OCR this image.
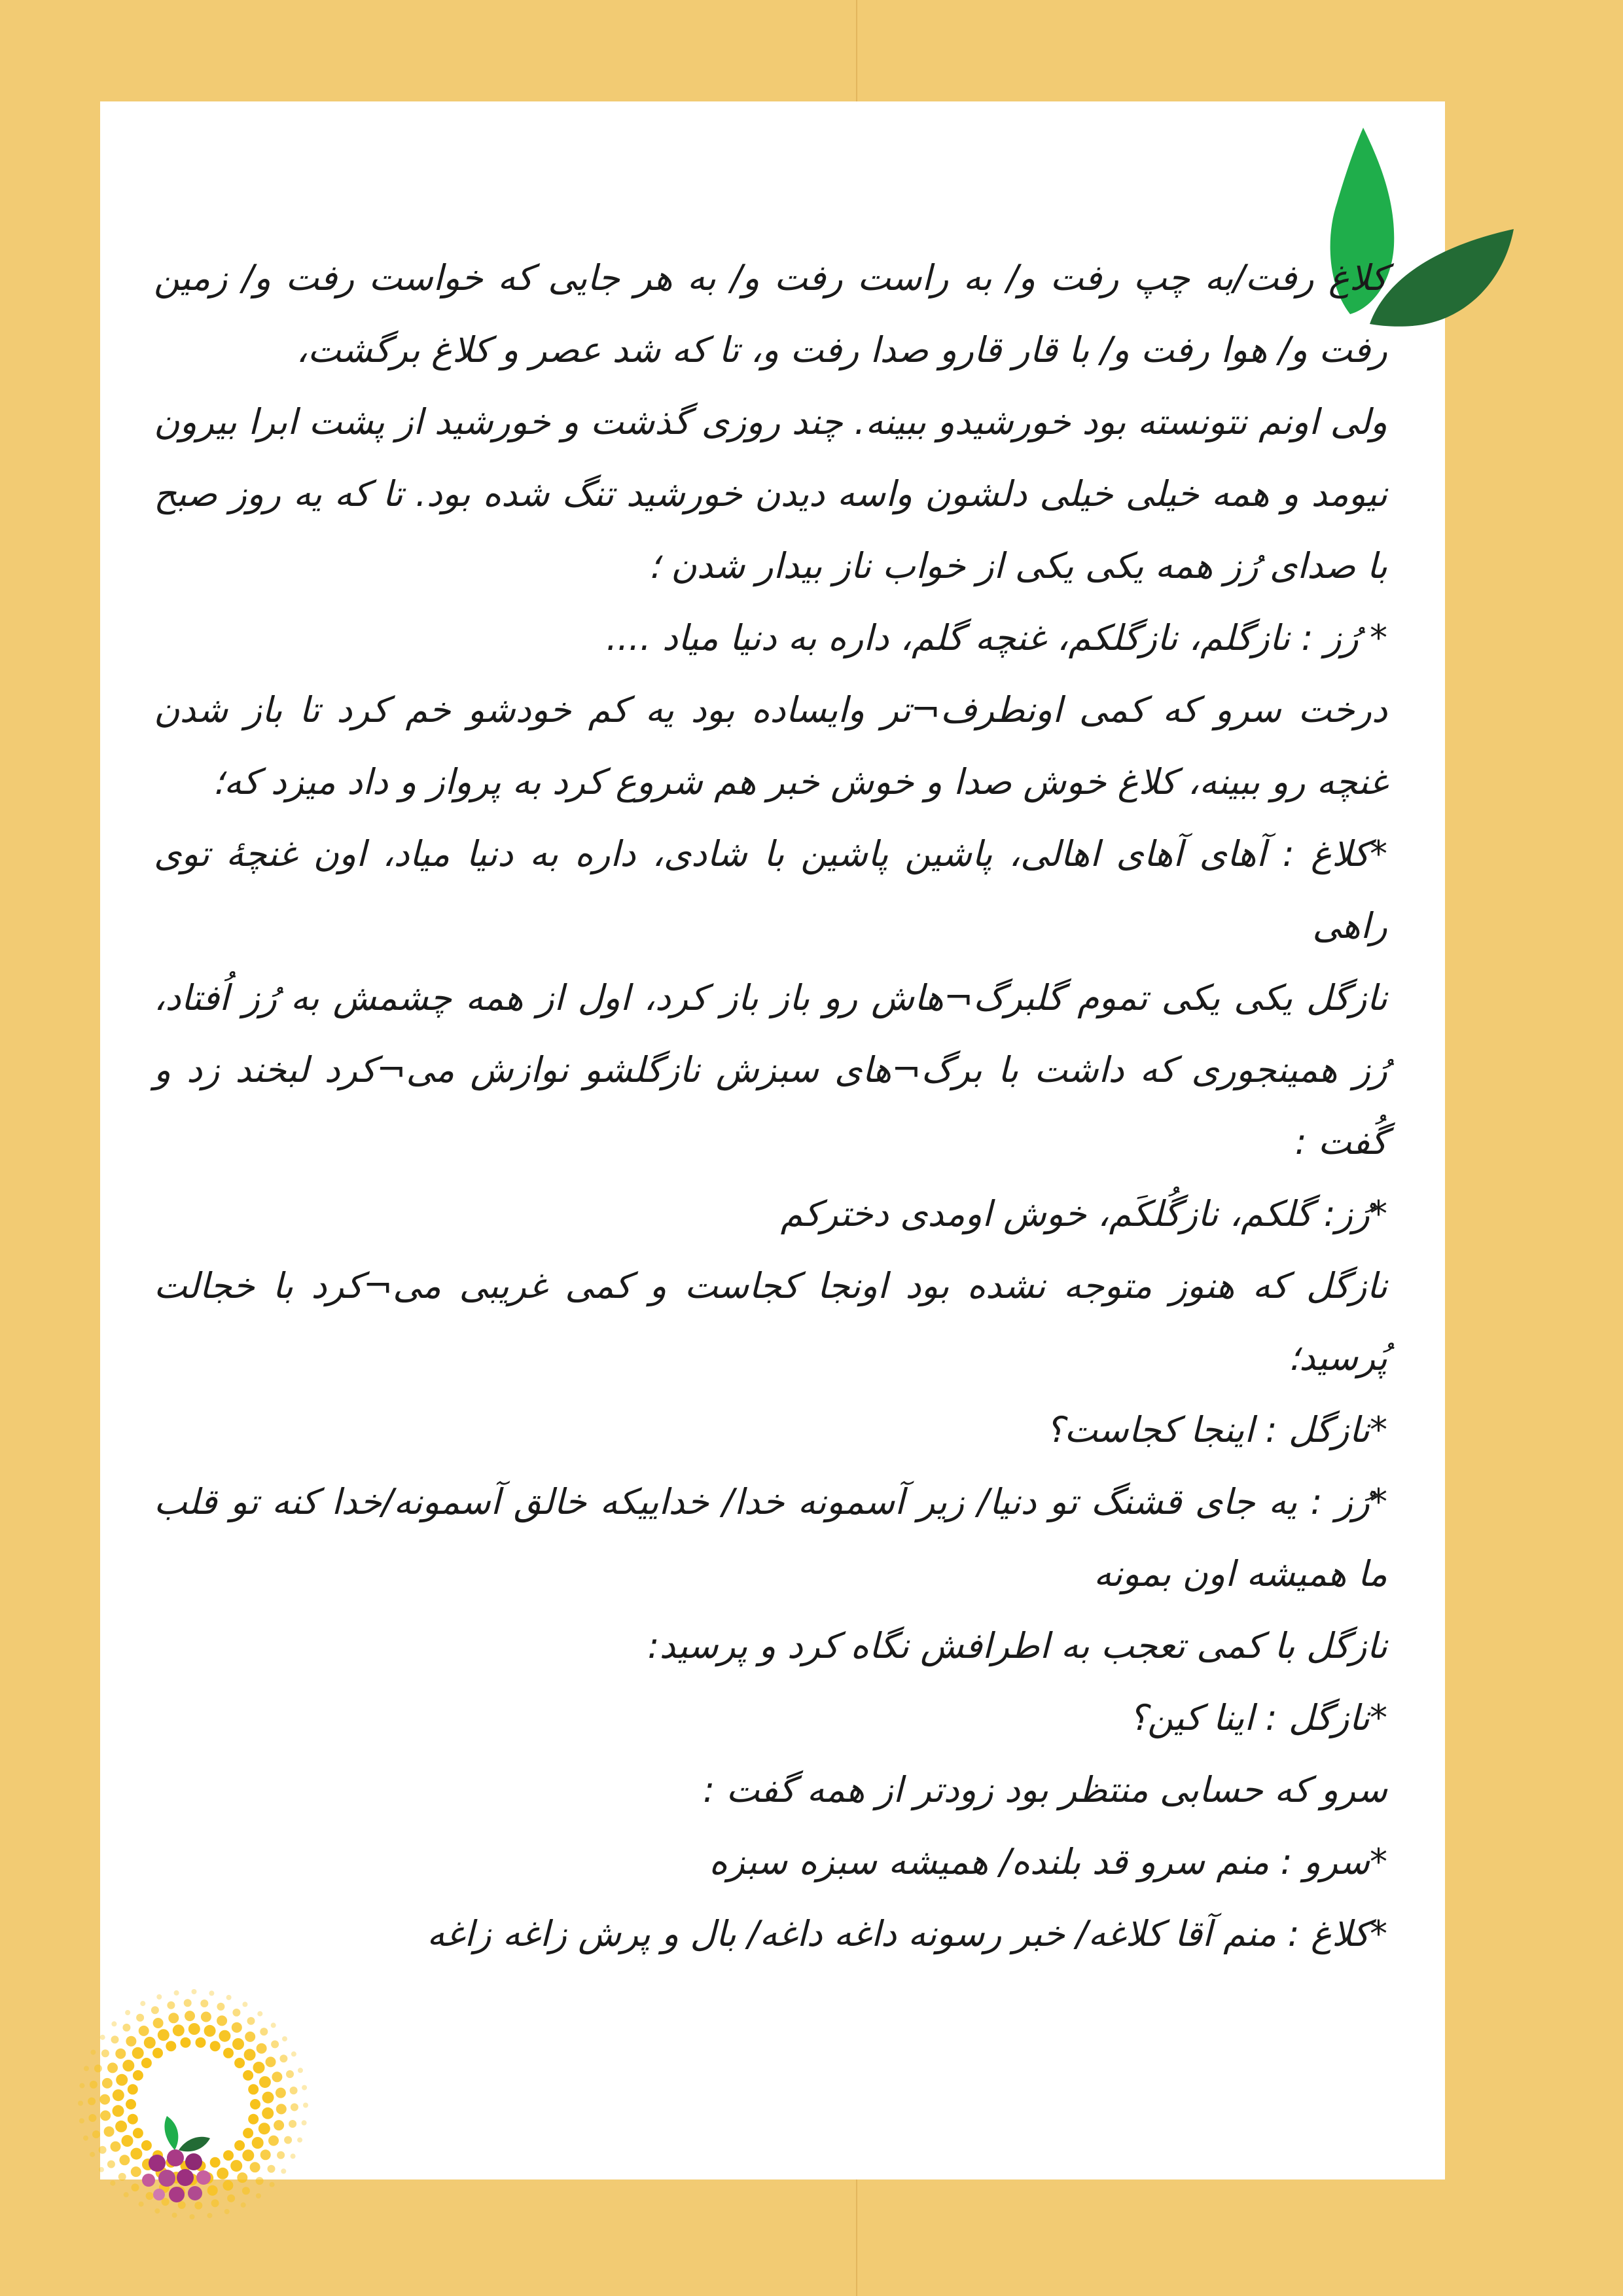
کلاغ رفت/به چپ رفت و/ به راست رفت و/ به هر جایی که خواست رفت و/ زمین رفت و/ هوا رفت و/ با قار قارو صدا رفت و، تا که شد عصر و کلاغ برگشت،

ولی اونم نتونسته بود خورشیدو ببینه. چند روزی گذشت و خورشید از پشت ابرا بیرون نیومد و همه خیلی خیلی دلشون واسه دیدن خورشید تنگ شده بود. تا که یه روز صبح با صدای رُز همه یکی یکی از خواب ناز بیدار شدن ؛

* رُز : نازگلم، نازگلکم، غنچه گلم، داره به دنیا میاد ....

درخت سرو که کمی اونطرف¬تر وایساده بود یه کم خودشو خم کرد تا باز شدن غنچه رو ببینه، کلاغ خوش صدا و خوش خبر هم شروع کرد به پرواز و داد میزد که؛

*کلاغ : آهای آهای اهالی، پاشین پاشین با شادی، داره به دنیا میاد، اون غنچهٔ توی راهی

نازگل یکی یکی تموم گلبرگ¬هاش رو باز باز کرد، اول از همه چشمش به رُز اُفتاد، رُز همینجوری که داشت با برگ¬های سبزش نازگلشو نوازش می¬کرد لبخند زد و گُفت :

*رُز: گلکم، نازگُلکَم، خوش اومدی دخترکم

نازگل که هنوز متوجه نشده بود اونجا کجاست و کمی غریبی می¬کرد با خجالت پُرسید؛

*نازگل : اینجا کجاست؟

*رُز : یه جای قشنگ تو دنیا/ زیر آسمونه خدا/ خداییکه خالق آسمونه/خدا کنه تو قلب ما همیشه اون بمونه

نازگل با کمی تعجب به اطرافش نگاه کرد و پرسید:

*نازگل : اینا کین؟

سرو که حسابی منتظر بود زودتر از همه گفت :

*سرو : منم سرو قد بلنده/ همیشه سبزه سبزه

*کلاغ : منم آقا کلاغه/ خبر رسونه داغه داغه/ بال و پرش زاغه زاغه
